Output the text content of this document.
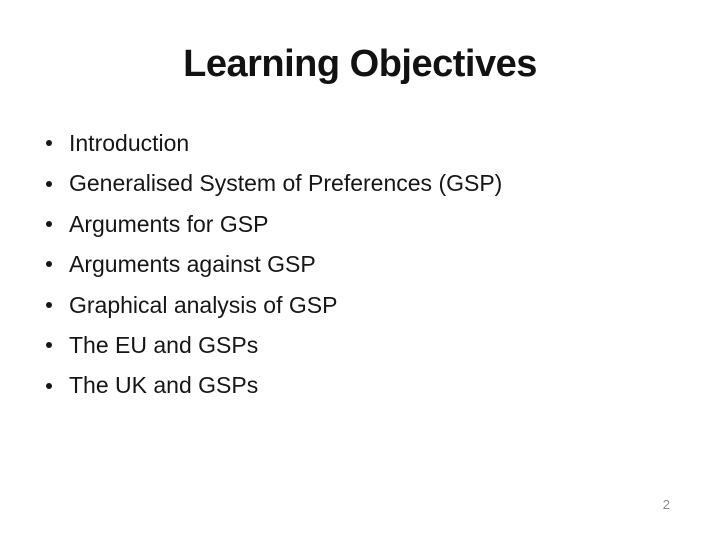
Learning Objectives
Introduction
Generalised System of Preferences (GSP)
Arguments for GSP
Arguments against GSP
Graphical analysis of GSP
The EU and GSPs
The UK and GSPs
2
